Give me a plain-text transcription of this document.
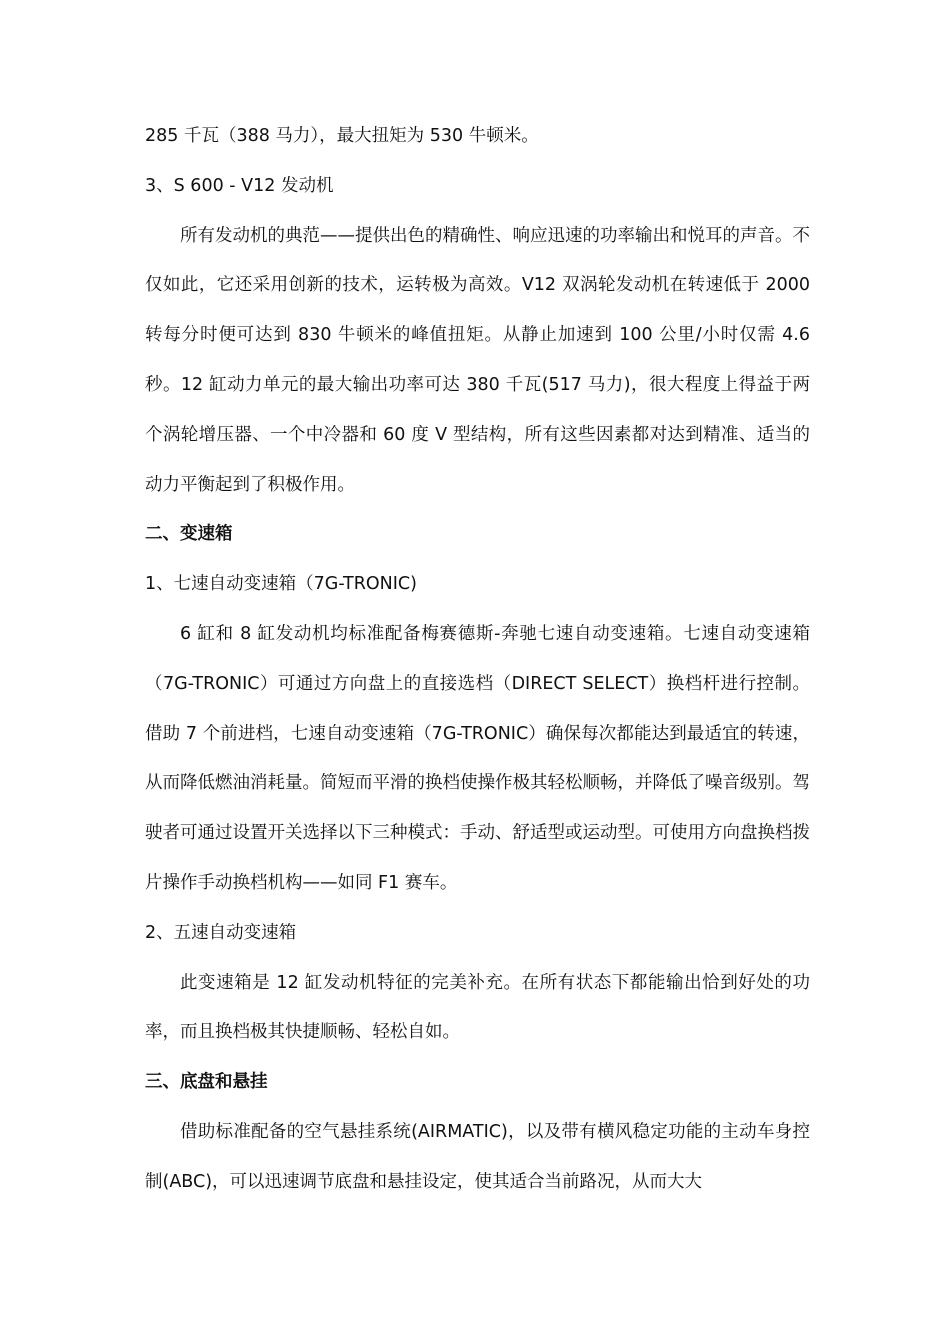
285 千瓦（388 马力），最大扭矩为 530 牛顿米。
3、S 600 - V12 发动机

所有发动机的典范——提供出色的精确性、响应迅速的功率输出和悦耳的声音。不仅如此，它还采用创新的技术，运转极为高效。V12 双涡轮发动机在转速低于 2000 转每分时便可达到 830 牛顿米的峰值扭矩。从静止加速到 100 公里/小时仅需 4.6 秒。12 缸动力单元的最大输出功率可达 380 千瓦(517 马力)，很大程度上得益于两个涡轮增压器、一个中冷器和 60 度 V 型结构，所有这些因素都对达到精准、适当的动力平衡起到了积极作用。

二、变速箱
1、七速自动变速箱（7G-TRONIC)

6 缸和 8 缸发动机均标准配备梅赛德斯-奔驰七速自动变速箱。七速自动变速箱（7G-TRONIC）可通过方向盘上的直接选档（DIRECT SELECT）换档杆进行控制。借助 7 个前进档，七速自动变速箱（7G-TRONIC）确保每次都能达到最适宜的转速，从而降低燃油消耗量。简短而平滑的换档使操作极其轻松顺畅，并降低了噪音级别。驾驶者可通过设置开关选择以下三种模式：手动、舒适型或运动型。可使用方向盘换档拨片操作手动换档机构——如同 F1 赛车。

2、五速自动变速箱

此变速箱是 12 缸发动机特征的完美补充。在所有状态下都能输出恰到好处的功率，而且换档极其快捷顺畅、轻松自如。

三、底盘和悬挂

借助标准配备的空气悬挂系统(AIRMATIC)，以及带有横风稳定功能的主动车身控制(ABC)，可以迅速调节底盘和悬挂设定，使其适合当前路况，从而大大
